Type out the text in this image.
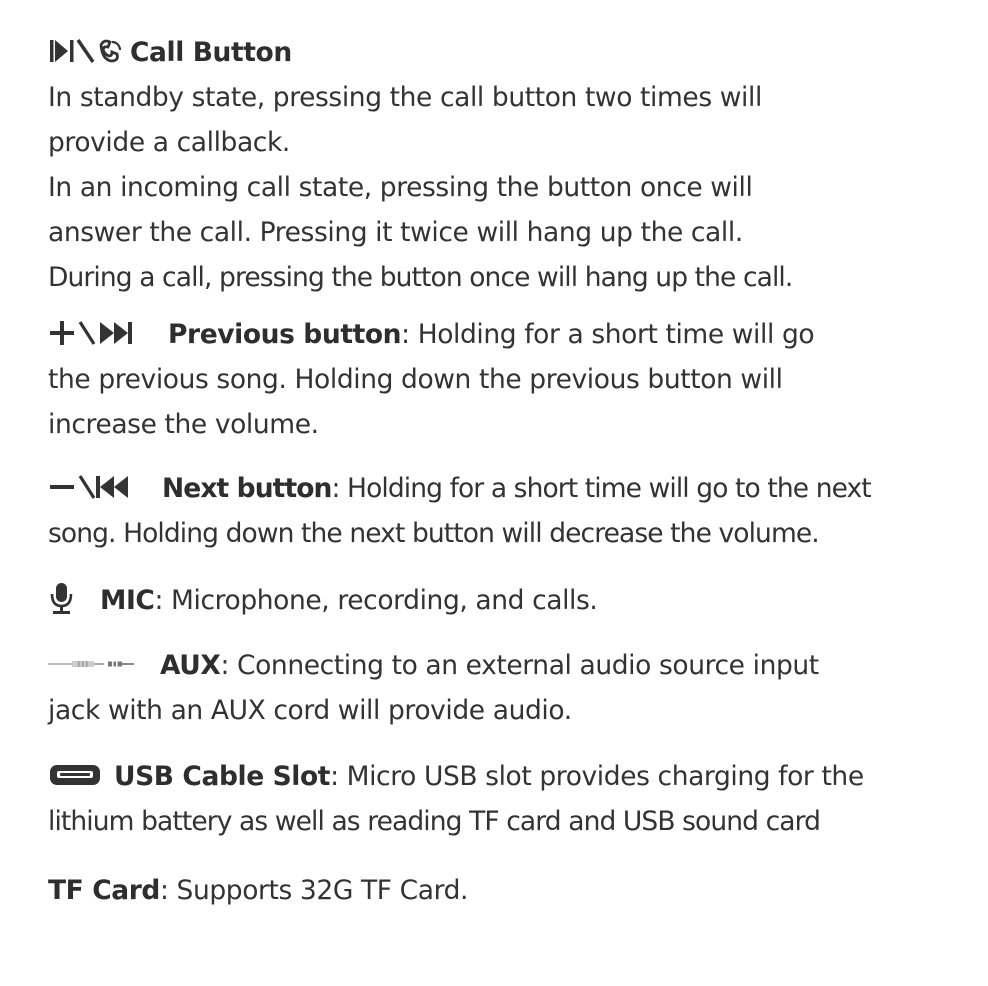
Call Button
In standby state, pressing the call button two times will
provide a callback.
In an incoming call state, pressing the button once will
answer the call. Pressing it twice will hang up the call.
During a call, pressing the button once will hang up the call.
Previous button: Holding for a short time will go
the previous song. Holding down the previous button will
increase the volume.
Next button: Holding for a short time will go to the next
song. Holding down the next button will decrease the volume.
MIC: Microphone, recording, and calls.
AUX: Connecting to an external audio source input
jack with an AUX cord will provide audio.
USB Cable Slot: Micro USB slot provides charging for the
lithium battery as well as reading TF card and USB sound card
TF Card: Supports 32G TF Card.
